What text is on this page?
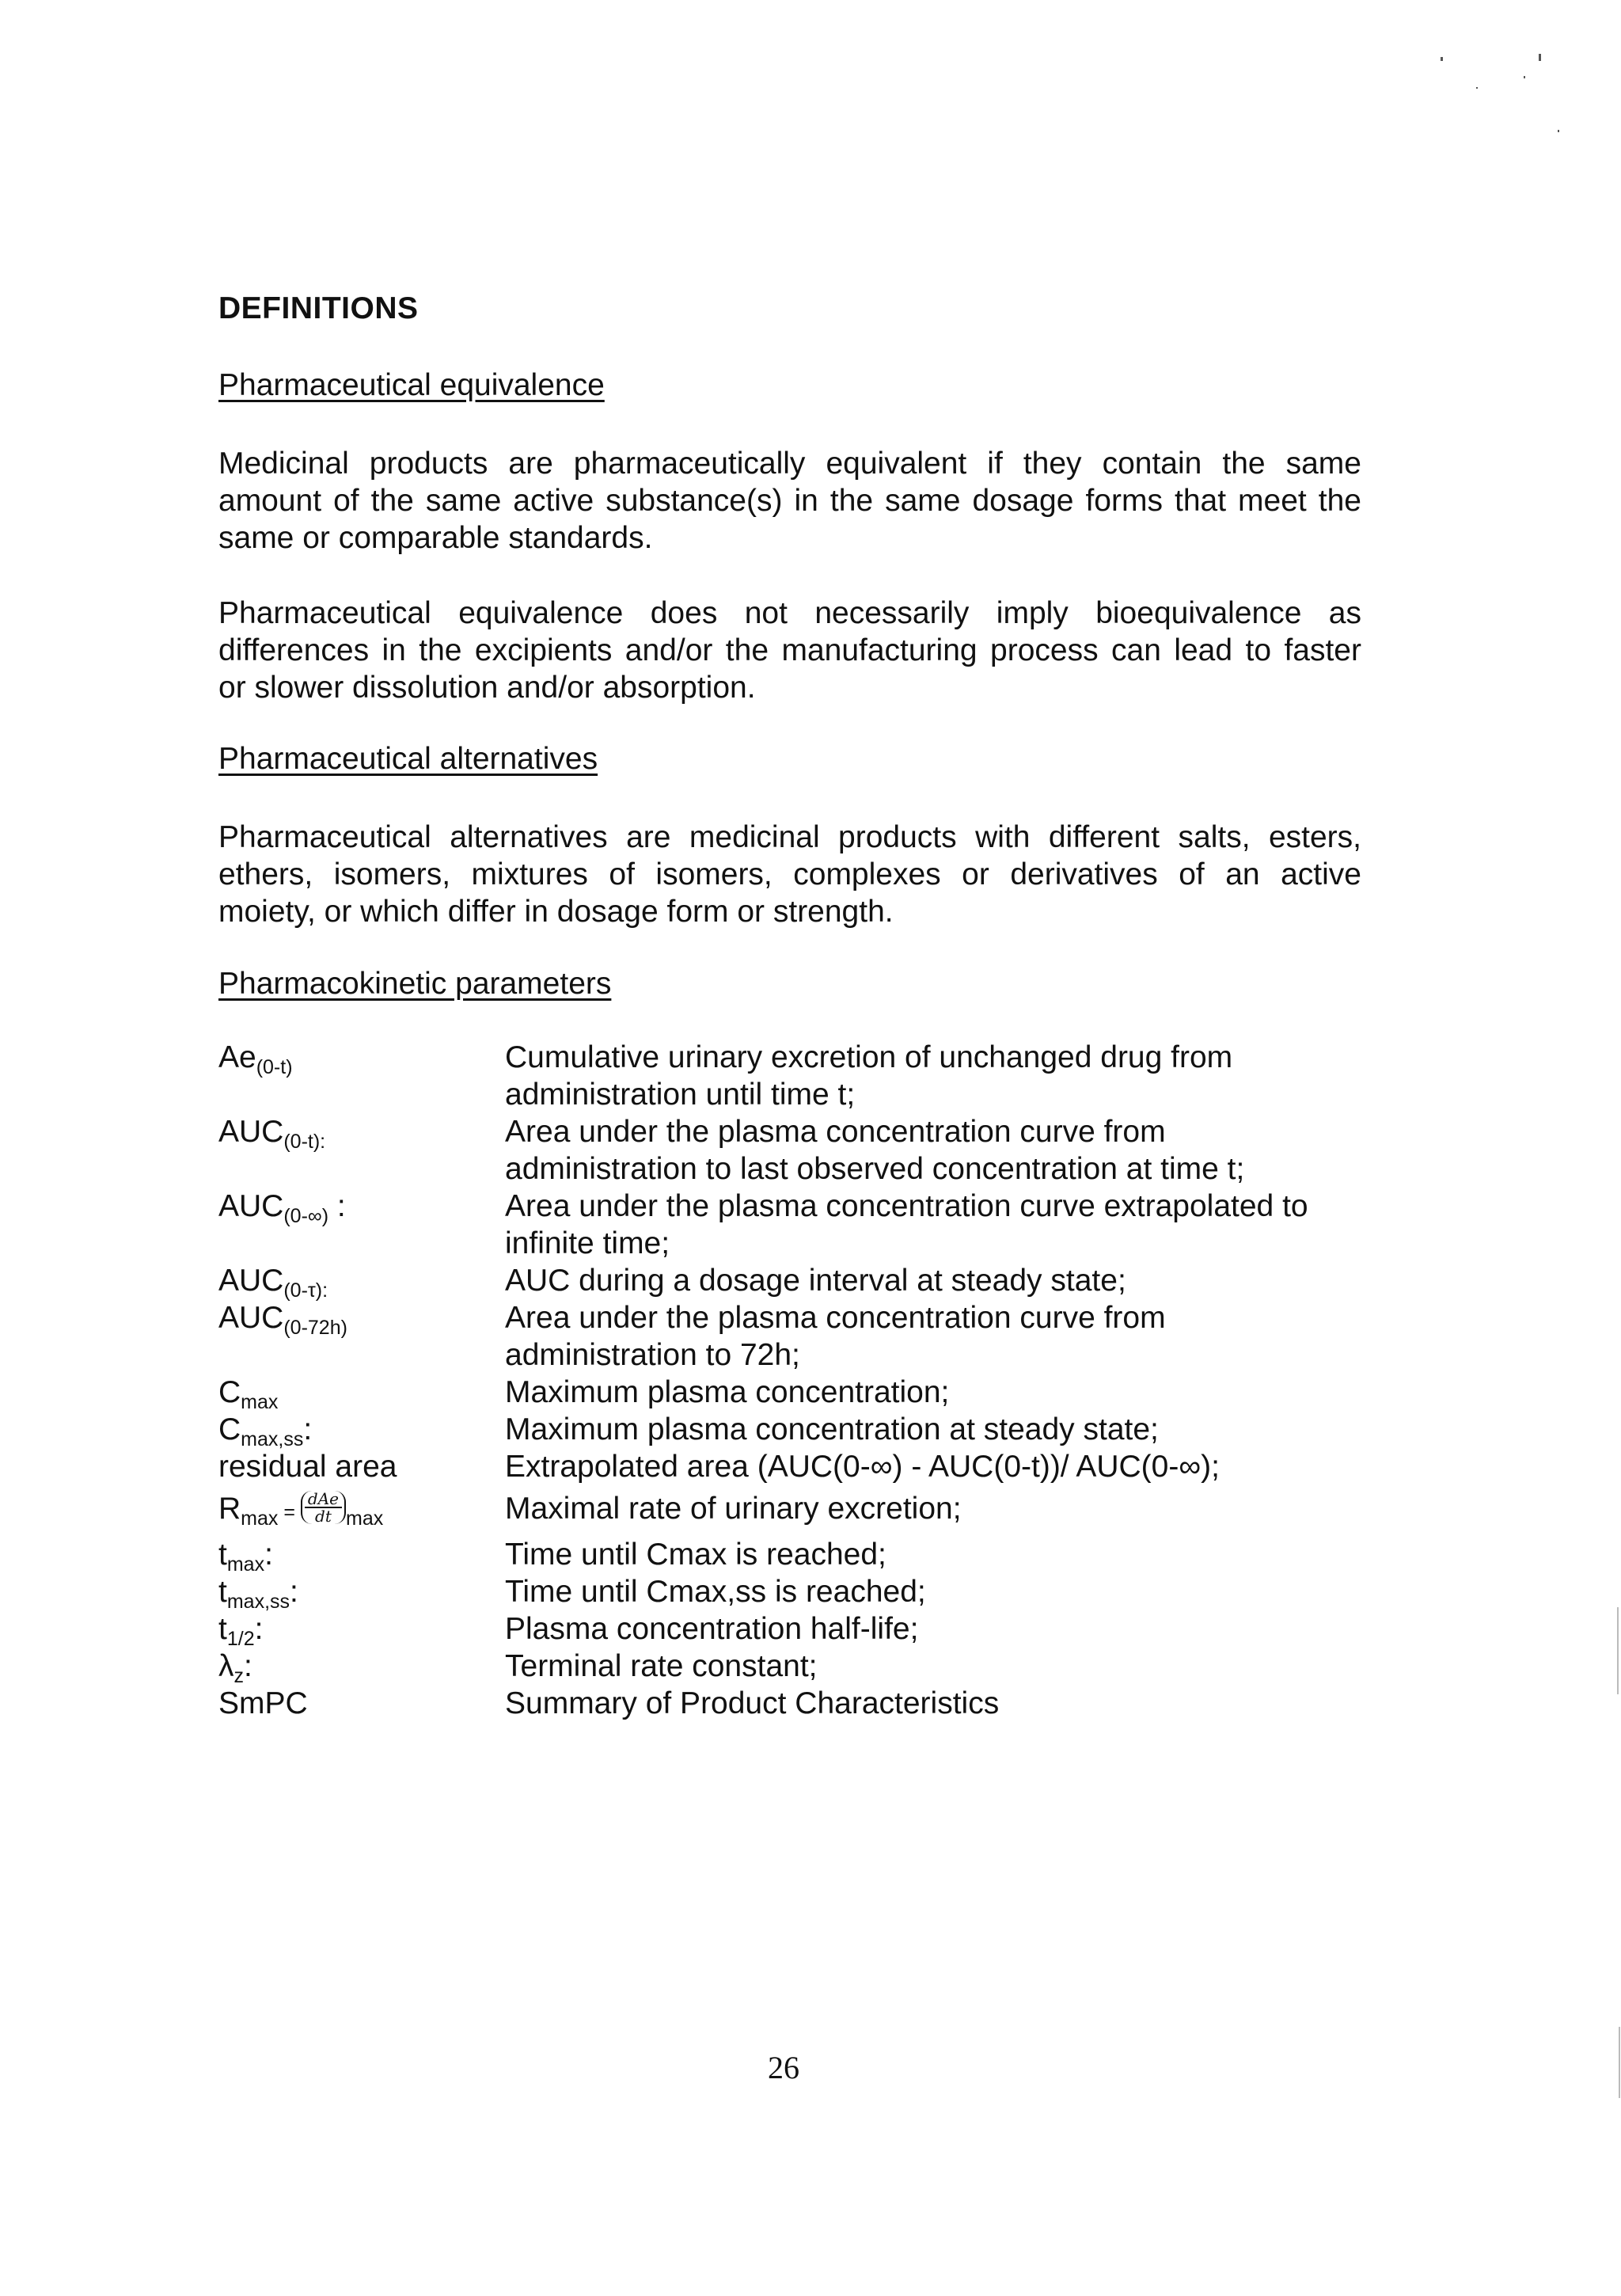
DEFINITIONS
Pharmaceutical equivalence
Medicinal products are pharmaceutically equivalent if they contain the same
amount of the same active substance(s) in the same dosage forms that meet the
same or comparable standards.
Pharmaceutical equivalence does not necessarily imply bioequivalence as
differences in the excipients and/or the manufacturing process can lead to faster
or slower dissolution and/or absorption.
Pharmaceutical alternatives
Pharmaceutical alternatives are medicinal products with different salts, esters,
ethers, isomers, mixtures of isomers, complexes or derivatives of an active
moiety, or which differ in dosage form or strength.
Pharmacokinetic parameters
$Ae_{(0-t)}$	Cumulative urinary excretion of unchanged drug from
administration until time t;
$AUC_{(0-t):}$	Area under the plasma concentration curve from
administration to last observed concentration at time t;
$AUC_{(0-\infty)}$ :	Area under the plasma concentration curve extrapolated to
infinite time;
$AUC_{(0-\tau):}$	AUC during a dosage interval at steady state;
$AUC_{(0-72h)}$	Area under the plasma concentration curve from
administration to 72h;
$C_{max}$	Maximum plasma concentration;
$C_{max,ss}$:	Maximum plasma concentration at steady state;
residual area	Extrapolated area (AUC(0-∞) - AUC(0-t))/ AUC(0-∞);
$R_{max} = \frac{\text{dAe}}{dt} _{max}$	Maximal rate of urinary excretion;
$t_{max}$:	Time until Cmax is reached;
$t_{max,ss}$:	Time until Cmax,ss is reached;
$t_{1/2}$:	Plasma concentration half-life;
$\lambda_z$:	Terminal rate constant;
SmPC	Summary of Product Characteristics
26
